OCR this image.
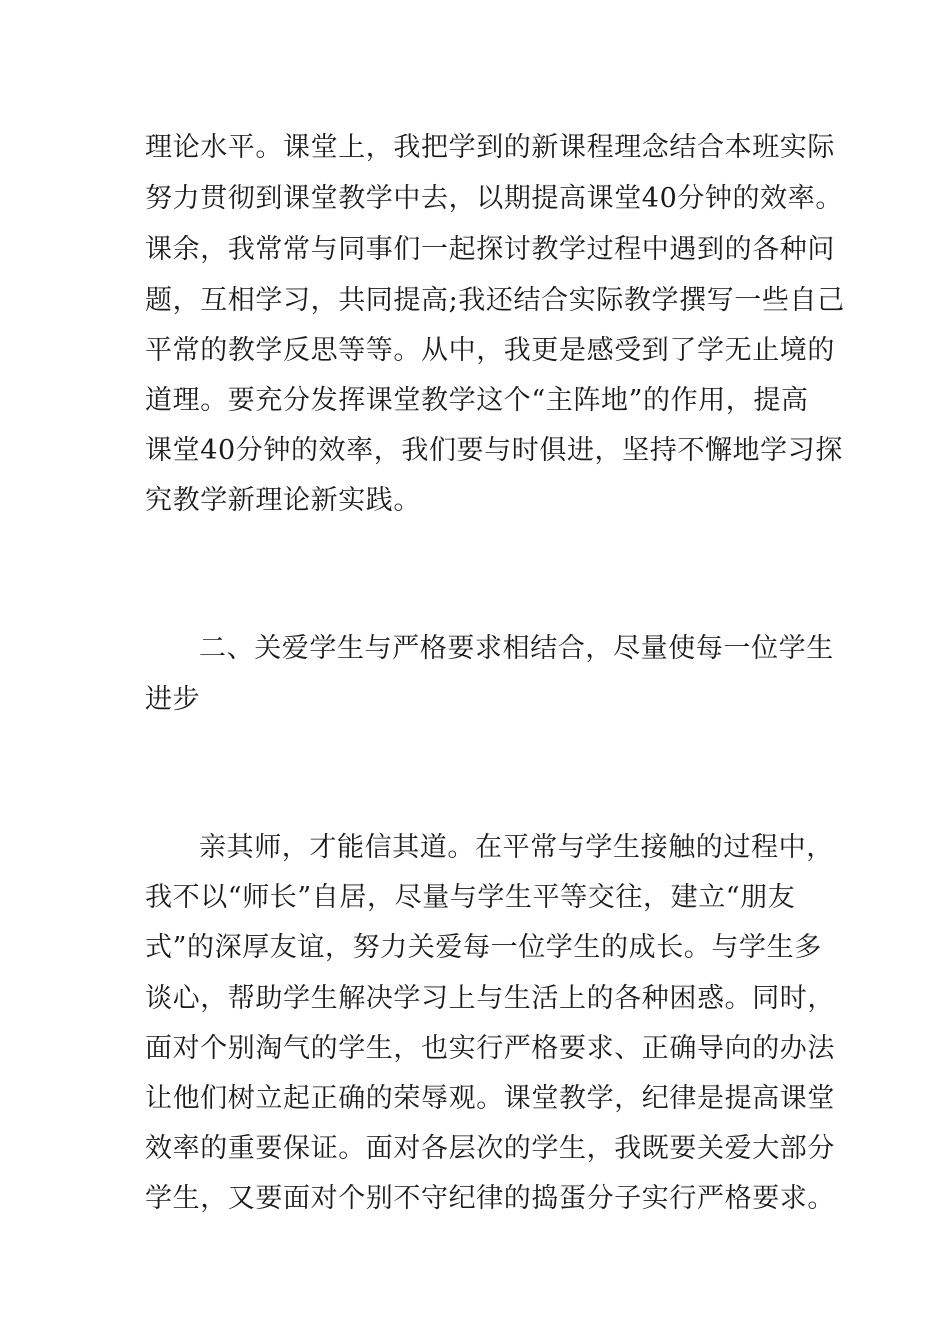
理论水平。课堂上，我把学到的新课程理念结合本班实际
努力贯彻到课堂教学中去，以期提高课堂40分钟的效率。
课余，我常常与同事们一起探讨教学过程中遇到的各种问
题，互相学习，共同提高;我还结合实际教学撰写一些自己
平常的教学反思等等。从中，我更是感受到了学无止境的
道理。要充分发挥课堂教学这个“主阵地”的作用，提高
课堂40分钟的效率，我们要与时俱进，坚持不懈地学习探
究教学新理论新实践。
二、关爱学生与严格要求相结合，尽量使每一位学生
进步
亲其师，才能信其道。在平常与学生接触的过程中，
我不以“师长”自居，尽量与学生平等交往，建立“朋友
式”的深厚友谊，努力关爱每一位学生的成长。与学生多
谈心，帮助学生解决学习上与生活上的各种困惑。同时，
面对个别淘气的学生，也实行严格要求、正确导向的办法
让他们树立起正确的荣辱观。课堂教学，纪律是提高课堂
效率的重要保证。面对各层次的学生，我既要关爱大部分
学生，又要面对个别不守纪律的捣蛋分子实行严格要求。
